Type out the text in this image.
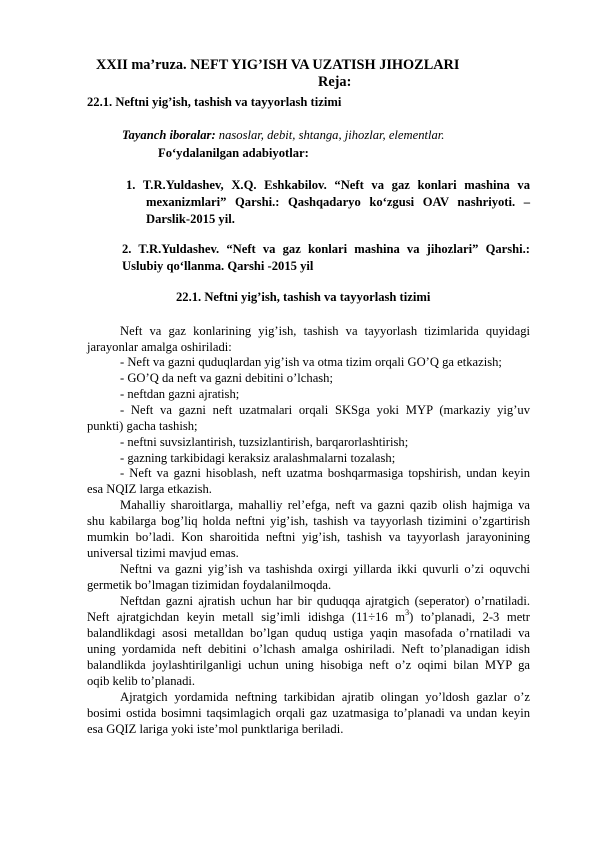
XXII ma’ruza. NEFT YIG’ISH VA UZATISH JIHOZLARI
Reja:
22.1. Neftni yig’ish, tashish va tayyorlash tizimi
Tayanch iboralar: nasoslar, debit, shtanga, jihozlar, elementlar.
Fo‘ydalanilgan adabiyotlar:
1. T.R.Yuldashev, X.Q. Eshkabilov. “Neft va gaz konlari mashina va
mexanizmlari” Qarshi.: Qashqadaryo ko‘zgusi OAV nashriyoti. –
Darslik-2015 yil.
2. T.R.Yuldashev. “Neft va gaz konlari mashina va jihozlari” Qarshi.:
Uslubiy qo‘llanma. Qarshi -2015 yil
22.1. Neftni yig’ish, tashish va tayyorlash tizimi
Neft va gaz konlarining yig’ish, tashish va tayyorlash tizimlarida quyidagi
jarayonlar amalga oshiriladi:
- Neft va gazni quduqlardan yig’ish va otma tizim orqali GO’Q ga etkazish;
- GO’Q da neft va gazni debitini o’lchash;
- neftdan gazni ajratish;
- Neft va gazni neft uzatmalari orqali SKSga yoki MYP (markaziy yig’uv
punkti) gacha tashish;
- neftni suvsizlantirish, tuzsizlantirish, barqarorlashtirish;
- gazning tarkibidagi keraksiz aralashmalarni tozalash;
- Neft va gazni hisoblash, neft uzatma boshqarmasiga topshirish, undan keyin
esa NQIZ larga etkazish.
Mahalliy sharoitlarga, mahalliy rel’efga, neft va gazni qazib olish hajmiga va
shu kabilarga bog’liq holda neftni yig’ish, tashish va tayyorlash tizimini o’zgartirish
mumkin bo’ladi. Kon sharoitida neftni yig’ish, tashish va tayyorlash jarayonining
universal tizimi mavjud emas.
Neftni va gazni yig’ish va tashishda oxirgi yillarda ikki quvurli o’zi oquvchi
germetik bo’lmagan tizimidan foydalanilmoqda.
Neftdan gazni ajratish uchun har bir quduqqa ajratgich (seperator) o’rnatiladi.
Neft ajratgichdan keyin metall sig’imli idishga (11÷16 $m^3$) to’planadi, 2-3 metr
balandlikdagi asosi metalldan bo’lgan quduq ustiga yaqin masofada o’rnatiladi va
uning yordamida neft debitini o’lchash amalga oshiriladi. Neft to’planadigan idish
balandlikda joylashtirilganligi uchun uning hisobiga neft o’z oqimi bilan MYP ga
oqib kelib to’planadi.
Ajratgich yordamida neftning tarkibidan ajratib olingan yo’ldosh gazlar o’z
bosimi ostida bosimni taqsimlagich orqali gaz uzatmasiga to’planadi va undan keyin
esa GQIZ lariga yoki iste’mol punktlariga beriladi.
